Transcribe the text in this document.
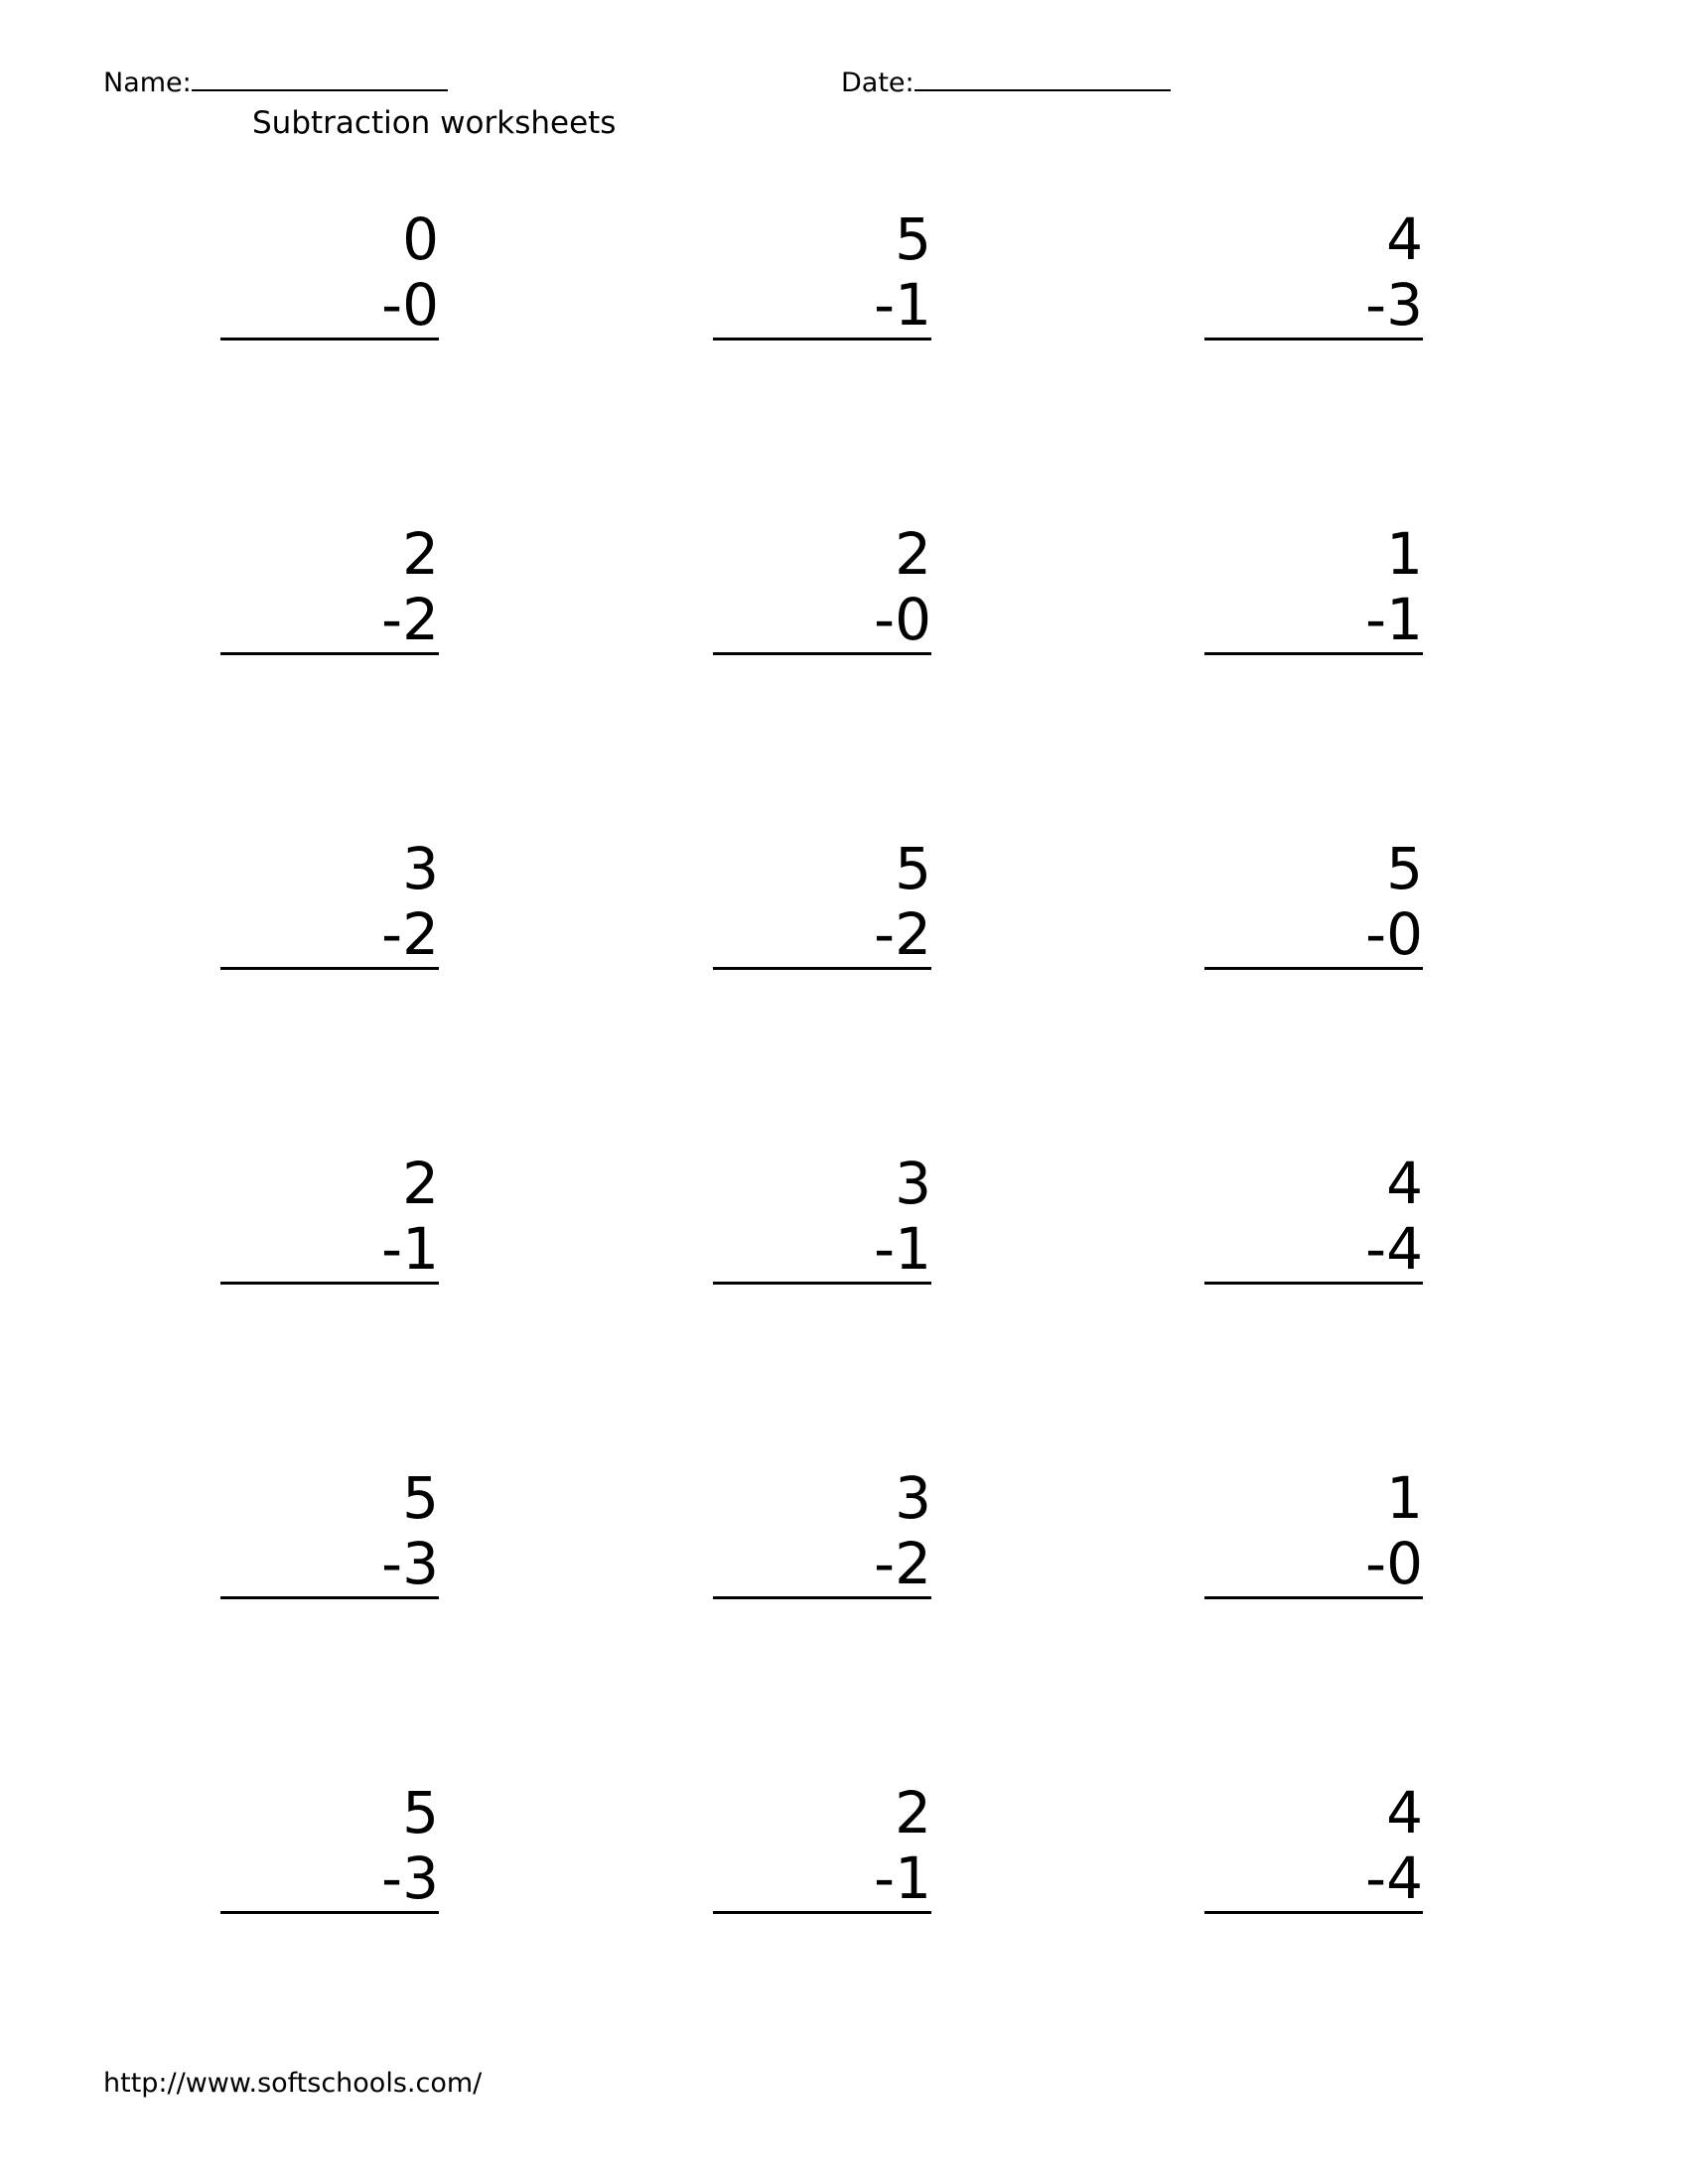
Name:	Date:
Subtraction worksheets
0
-0
5
-1
4
-3
2
-2
2
-0
1
-1
3
-2
5
-2
5
-0
2
-1
3
-1
4
-4
5
-3
3
-2
1
-0
5
-3
2
-1
4
-4
http://www.softschools.com/
